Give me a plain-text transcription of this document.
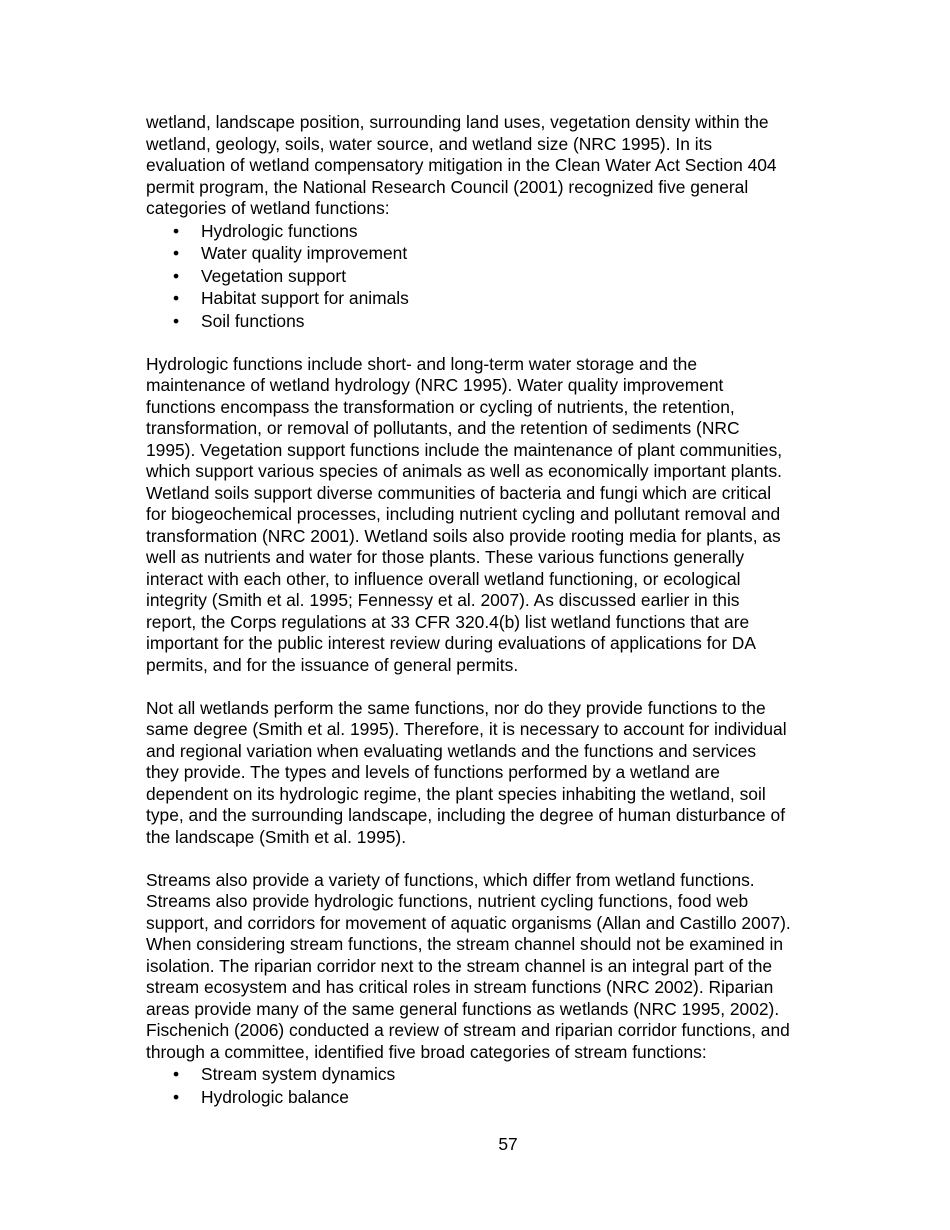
wetland, landscape position, surrounding land uses, vegetation density within the
wetland, geology, soils, water source, and wetland size (NRC 1995). In its
evaluation of wetland compensatory mitigation in the Clean Water Act Section 404
permit program, the National Research Council (2001) recognized five general
categories of wetland functions:
• Hydrologic functions
• Water quality improvement
• Vegetation support
• Habitat support for animals
• Soil functions
Hydrologic functions include short- and long-term water storage and the
maintenance of wetland hydrology (NRC 1995). Water quality improvement
functions encompass the transformation or cycling of nutrients, the retention,
transformation, or removal of pollutants, and the retention of sediments (NRC
1995). Vegetation support functions include the maintenance of plant communities,
which support various species of animals as well as economically important plants.
Wetland soils support diverse communities of bacteria and fungi which are critical
for biogeochemical processes, including nutrient cycling and pollutant removal and
transformation (NRC 2001). Wetland soils also provide rooting media for plants, as
well as nutrients and water for those plants. These various functions generally
interact with each other, to influence overall wetland functioning, or ecological
integrity (Smith et al. 1995; Fennessy et al. 2007). As discussed earlier in this
report, the Corps regulations at 33 CFR 320.4(b) list wetland functions that are
important for the public interest review during evaluations of applications for DA
permits, and for the issuance of general permits.
Not all wetlands perform the same functions, nor do they provide functions to the
same degree (Smith et al. 1995). Therefore, it is necessary to account for individual
and regional variation when evaluating wetlands and the functions and services
they provide. The types and levels of functions performed by a wetland are
dependent on its hydrologic regime, the plant species inhabiting the wetland, soil
type, and the surrounding landscape, including the degree of human disturbance of
the landscape (Smith et al. 1995).
Streams also provide a variety of functions, which differ from wetland functions.
Streams also provide hydrologic functions, nutrient cycling functions, food web
support, and corridors for movement of aquatic organisms (Allan and Castillo 2007).
When considering stream functions, the stream channel should not be examined in
isolation. The riparian corridor next to the stream channel is an integral part of the
stream ecosystem and has critical roles in stream functions (NRC 2002). Riparian
areas provide many of the same general functions as wetlands (NRC 1995, 2002).
Fischenich (2006) conducted a review of stream and riparian corridor functions, and
through a committee, identified five broad categories of stream functions:
• Stream system dynamics
• Hydrologic balance
57
